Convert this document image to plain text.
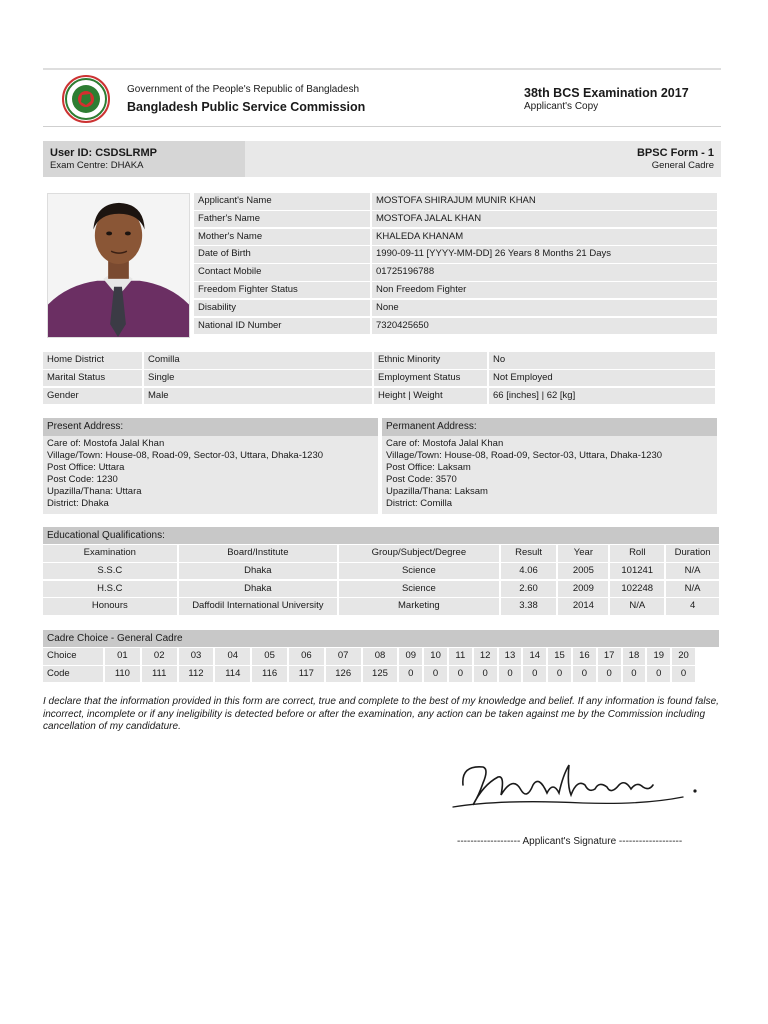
Government of the People's Republic of Bangladesh
Bangladesh Public Service Commission
38th BCS Examination 2017
Applicant's Copy
User ID: CSDSLRMP
Exam Centre: DHAKA
BPSC Form - 1
General Cadre
Applicant's Name	MOSTOFA SHIRAJUM MUNIR KHAN
Father's Name	MOSTOFA JALAL KHAN
Mother's Name	KHALEDA KHANAM
Date of Birth	1990-09-11 [YYYY-MM-DD] 26 Years 8 Months 21 Days
Contact Mobile	01725196788
Freedom Fighter Status	Non Freedom Fighter
Disability	None
National ID Number	7320425650
Home District	Comilla	Ethnic Minority	No
Marital Status	Single	Employment Status	Not Employed
Gender	Male	Height | Weight	66 [inches] | 62 [kg]
Present Address:
Care of: Mostofa Jalal Khan
Village/Town: House-08, Road-09, Sector-03, Uttara, Dhaka-1230
Post Office: Uttara
Post Code: 1230
Upazilla/Thana: Uttara
District: Dhaka
Permanent Address:
Care of: Mostofa Jalal Khan
Village/Town: House-08, Road-09, Sector-03, Uttara, Dhaka-1230
Post Office: Laksam
Post Code: 3570
Upazilla/Thana: Laksam
District: Comilla
Educational Qualifications:
Examination	Board/Institute	Group/Subject/Degree	Result	Year	Roll	Duration
S.S.C	Dhaka	Science	4.06	2005	101241	N/A
H.S.C	Dhaka	Science	2.60	2009	102248	N/A
Honours	Daffodil International University	Marketing	3.38	2014	N/A	4
Cadre Choice - General Cadre
Choice	01	02	03	04	05	06	07	08	09	10	11	12	13	14	15	16	17	18	19	20
Code	110	111	112	114	116	117	126	125	0	0	0	0	0	0	0	0	0	0	0	0
I declare that the information provided in this form are correct, true and complete to the best of my knowledge and belief. If any information is found false, incorrect, incomplete or if any ineligibility is detected before or after the examination, any action can be taken against me by the Commission including cancellation of my candidature.
------------------- Applicant's Signature -------------------
